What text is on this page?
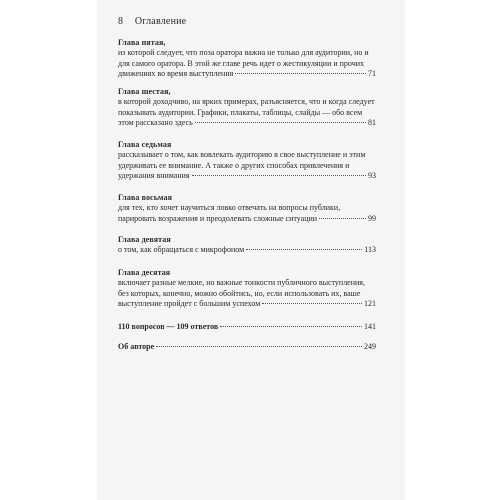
8 Оглавление
Глава пятая,
из которой следует, что поза оратора важна не только для аудитории, но и
для самого оратора. В этой же главе речь идет о жестикуляции и прочих
движениях во время выступления	71
Глава шестая,
в которой доходчиво, на ярких примерах, разъясняется, что и когда следует
показывать аудитории. Графики, плакаты, таблицы, слайды — обо всем
этом рассказано здесь	81
Глава седьмая
рассказывает о том, как вовлекать аудиторию в свое выступление и этим
удерживать ее внимание. А также о других способах привлечения и
удержания внимания	93
Глава восьмая
для тех, кто хочет научиться ловко отвечать на вопросы публики,
парировать возражения и преодолевать сложные ситуации	99
Глава девятая
о том, как обращаться с микрофоном	113
Глава десятая
включает разные мелкие, но важные тонкости публичного выступления,
без которых, конечно, можно обойтись, но, если использовать их, ваше
выступление пройдет с большим успехом	121
110 вопросов — 109 ответов	141
Об авторе	249
